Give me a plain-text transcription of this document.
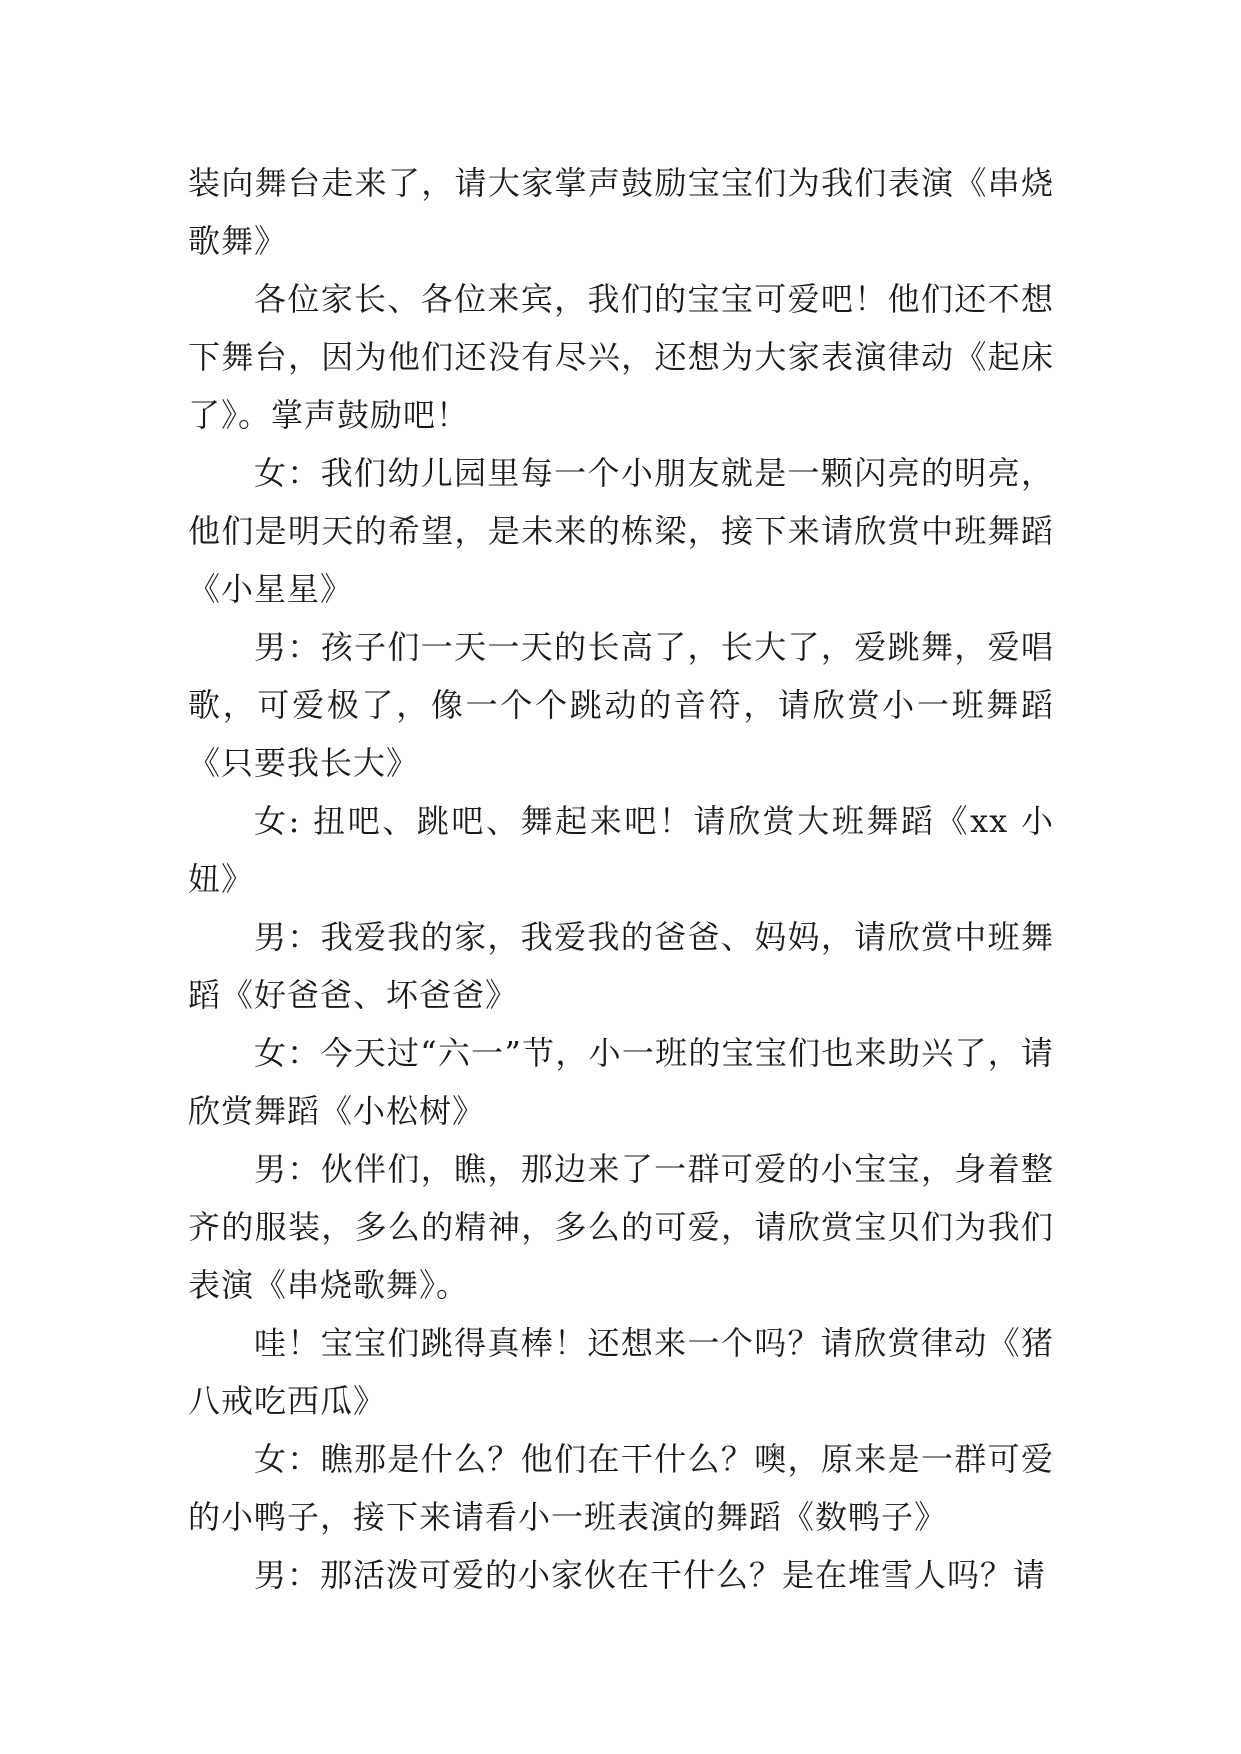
装向舞台走来了，请大家掌声鼓励宝宝们为我们表演《串烧歌舞》

各位家长、各位来宾，我们的宝宝可爱吧！他们还不想下舞台，因为他们还没有尽兴，还想为大家表演律动《起床了》。掌声鼓励吧！

女：我们幼儿园里每一个小朋友就是一颗闪亮的明亮，他们是明天的希望，是未来的栋梁，接下来请欣赏中班舞蹈《小星星》

男：孩子们一天一天的长高了，长大了，爱跳舞，爱唱歌，可爱极了，像一个个跳动的音符，请欣赏小一班舞蹈《只要我长大》

女: 扭吧、跳吧、舞起来吧！请欣赏大班舞蹈《xx 小妞》

男：我爱我的家，我爱我的爸爸、妈妈，请欣赏中班舞蹈《好爸爸、坏爸爸》

女：今天过“六一”节，小一班的宝宝们也来助兴了，请欣赏舞蹈《小松树》

男：伙伴们，瞧，那边来了一群可爱的小宝宝，身着整齐的服装，多么的精神，多么的可爱，请欣赏宝贝们为我们表演《串烧歌舞》。

哇！宝宝们跳得真棒！还想来一个吗？请欣赏律动《猪八戒吃西瓜》

女：瞧那是什么？他们在干什么？噢，原来是一群可爱的小鸭子，接下来请看小一班表演的舞蹈《数鸭子》

男：那活泼可爱的小家伙在干什么？是在堆雪人吗？请
